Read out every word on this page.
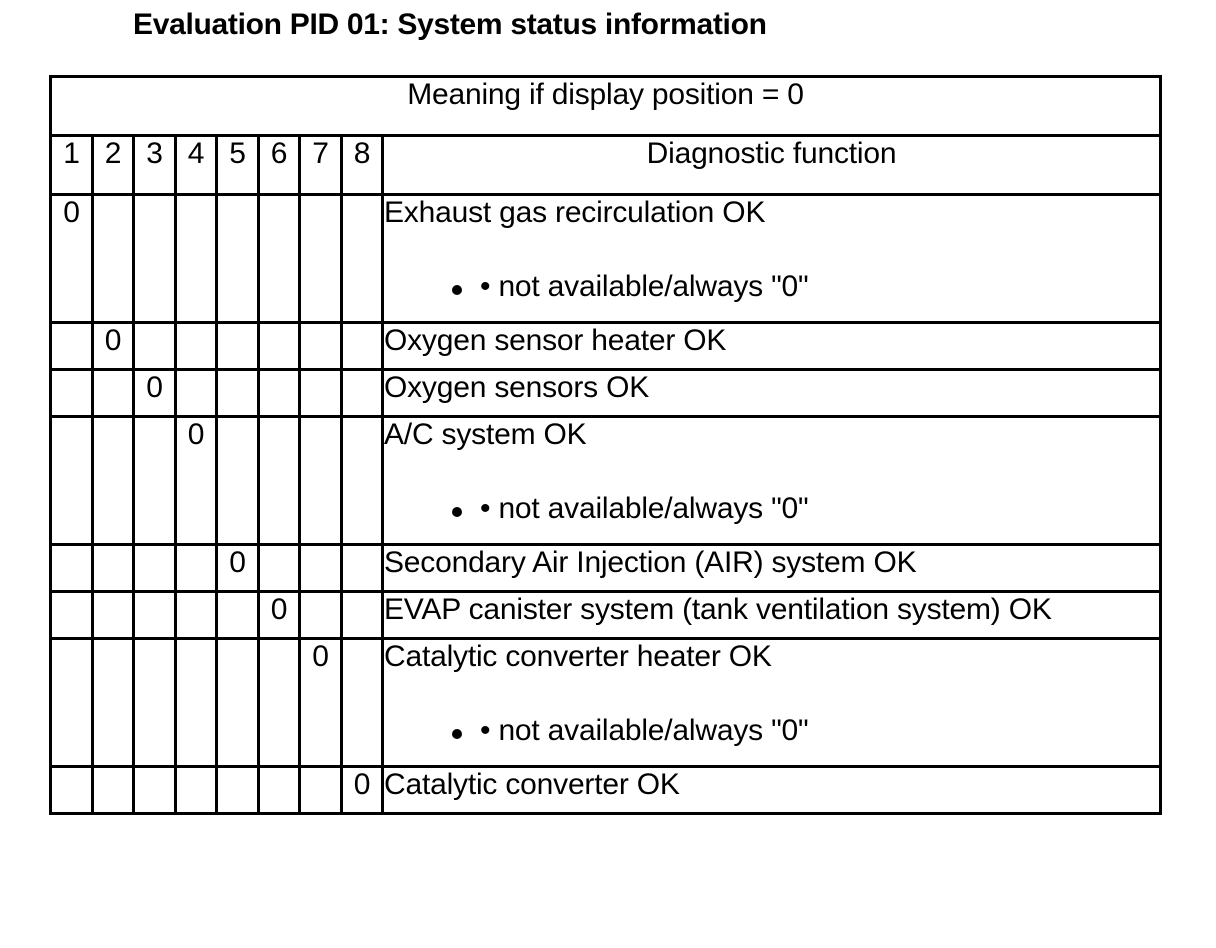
Evaluation PID 01: System status information
Meaning if display position = 0								
1	2	3	4	5	6	7	8	Diagnostic function
0								Exhaust gas recirculation OK
• not available/always "0"

	0							Oxygen sensor heater OK

		0						Oxygen sensors OK

			0					A/C system OK
• not available/always "0"

				0				Secondary Air Injection (AIR) system OK

					0			EVAP canister system (tank ventilation system) OK

						0		Catalytic converter heater OK
• not available/always "0"

							0	Catalytic converter OK
